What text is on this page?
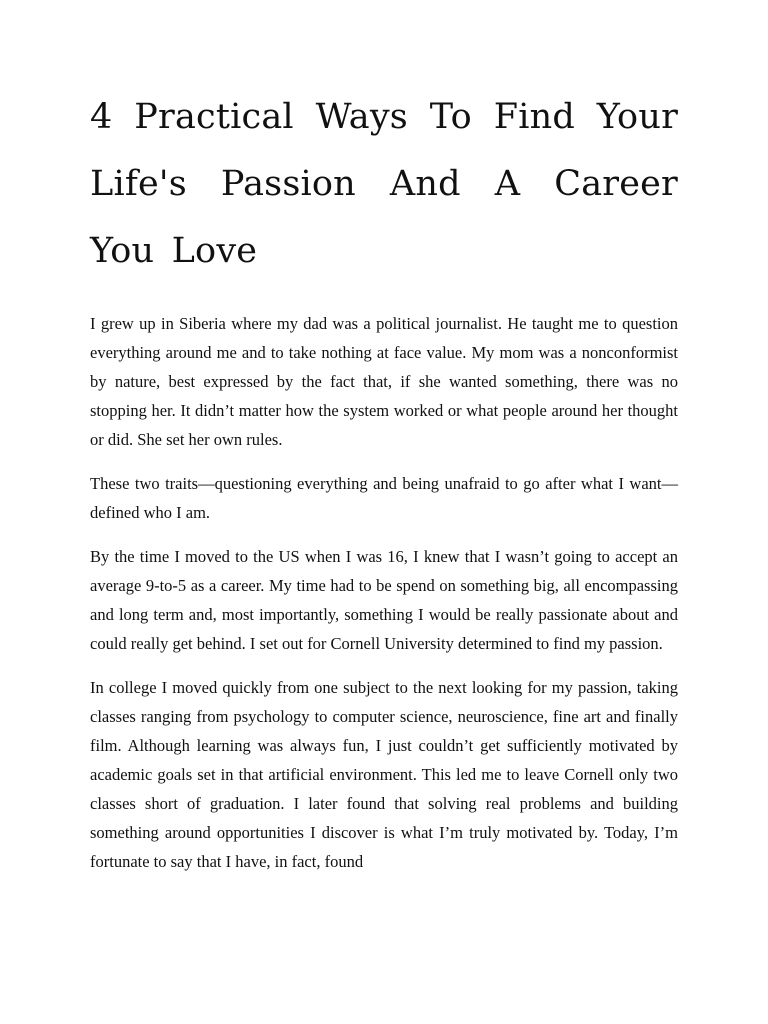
4 Practical Ways To Find Your Life's Passion And A Career You Love

I grew up in Siberia where my dad was a political journalist. He taught me to question everything around me and to take nothing at face value. My mom was a nonconformist by nature, best expressed by the fact that, if she wanted something, there was no stopping her. It didn’t matter how the system worked or what people around her thought or did. She set her own rules.

These two traits—questioning everything and being unafraid to go after what I want—defined who I am.

By the time I moved to the US when I was 16, I knew that I wasn’t going to accept an average 9-to-5 as a career. My time had to be spend on something big, all encompassing and long term and, most importantly, something I would be really passionate about and could really get behind. I set out for Cornell University determined to find my passion.

In college I moved quickly from one subject to the next looking for my passion, taking classes ranging from psychology to computer science, neuroscience, fine art and finally film. Although learning was always fun, I just couldn’t get sufficiently motivated by academic goals set in that artificial environment. This led me to leave Cornell only two classes short of graduation. I later found that solving real problems and building something around opportunities I discover is what I’m truly motivated by. Today, I’m fortunate to say that I have, in fact, found
